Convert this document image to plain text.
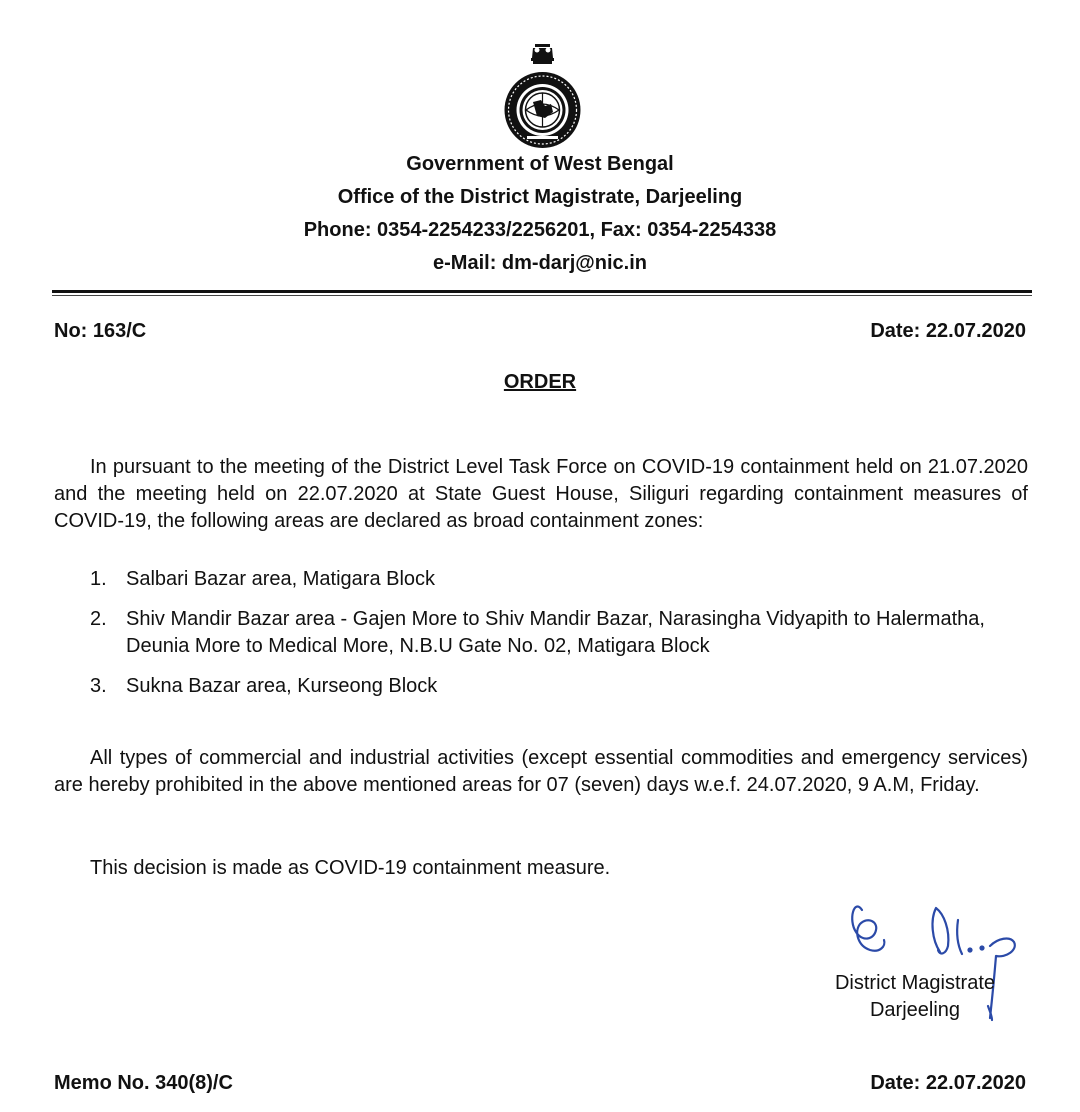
Government of West Bengal
Office of the District Magistrate, Darjeeling
Phone: 0354-2254233/2256201, Fax: 0354-2254338
e-Mail: dm-darj@nic.in
No: 163/C	Date: 22.07.2020
ORDER

In pursuant to the meeting of the District Level Task Force on COVID-19 containment held on 21.07.2020 and the meeting held on 22.07.2020 at State Guest House, Siliguri regarding containment measures of COVID-19, the following areas are declared as broad containment zones:

1. Salbari Bazar area, Matigara Block
2. Shiv Mandir Bazar area - Gajen More to Shiv Mandir Bazar, Narasingha Vidyapith to Halermatha, Deunia More to Medical More, N.B.U Gate No. 02, Matigara Block
3. Sukna Bazar area, Kurseong Block

All types of commercial and industrial activities (except essential commodities and emergency services) are hereby prohibited in the above mentioned areas for 07 (seven) days w.e.f. 24.07.2020, 9 A.M, Friday.

This decision is made as COVID-19 containment measure.

District Magistrate
Darjeeling
Memo No. 340(8)/C	Date: 22.07.2020
